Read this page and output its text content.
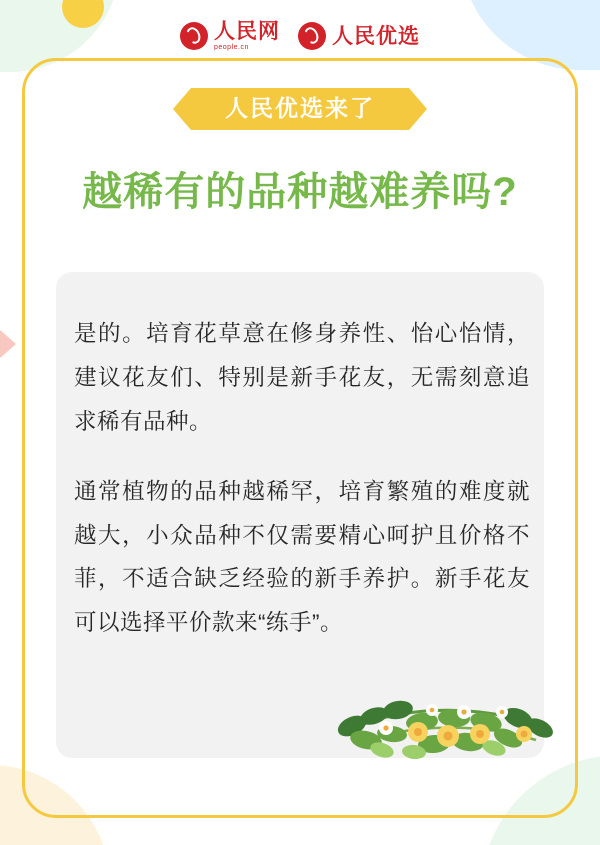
人民网
people.cn	人民优选
人民优选来了
越稀有的品种越难养吗?

是的。培育花草意在修身养性、怡心怡情，建议花友们、特别是新手花友，无需刻意追求稀有品种。

通常植物的品种越稀罕，培育繁殖的难度就越大，小众品种不仅需要精心呵护且价格不菲，不适合缺乏经验的新手养护。新手花友可以选择平价款来“练手”。
